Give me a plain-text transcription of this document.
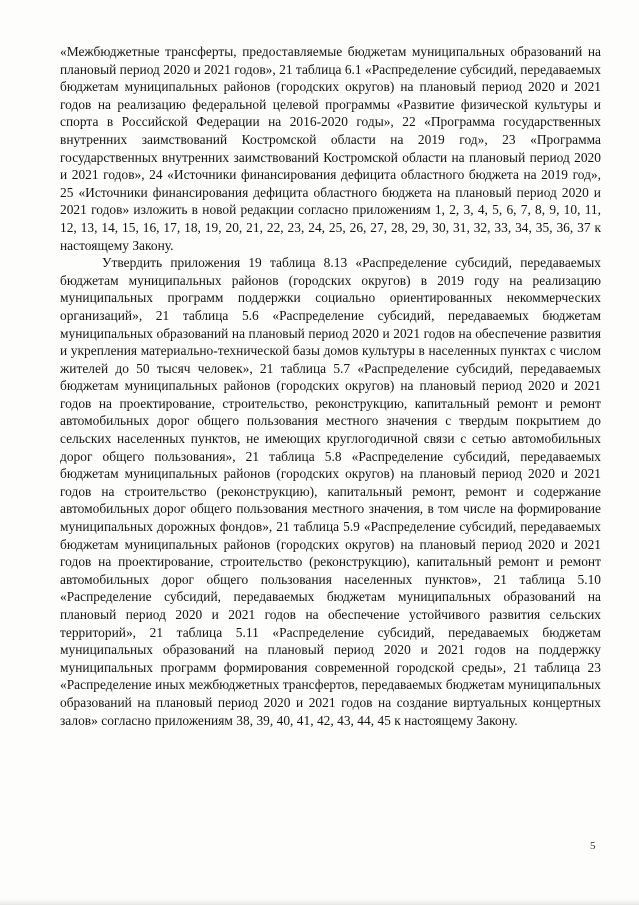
«Межбюджетные трансферты, предоставляемые бюджетам муниципальных образований на плановый период 2020 и 2021 годов», 21 таблица 6.1 «Распределение субсидий, передаваемых бюджетам муниципальных районов (городских округов) на плановый период 2020 и 2021 годов на реализацию федеральной целевой программы «Развитие физической культуры и спорта в Российской Федерации на 2016-2020 годы», 22 «Программа государственных внутренних заимствований Костромской области на 2019 год», 23 «Программа государственных внутренних заимствований Костромской области на плановый период 2020 и 2021 годов», 24 «Источники финансирования дефицита областного бюджета на 2019 год», 25 «Источники финансирования дефицита областного бюджета на плановый период 2020 и 2021 годов» изложить в новой редакции согласно приложениям 1, 2, 3, 4, 5, 6, 7, 8, 9, 10, 11, 12, 13, 14, 15, 16, 17, 18, 19, 20, 21, 22, 23, 24, 25, 26, 27, 28, 29, 30, 31, 32, 33, 34, 35, 36, 37 к настоящему Закону.

Утвердить приложения 19 таблица 8.13 «Распределение субсидий, передаваемых бюджетам муниципальных районов (городских округов) в 2019 году на реализацию муниципальных программ поддержки социально ориентированных некоммерческих организаций», 21 таблица 5.6 «Распределение субсидий, передаваемых бюджетам муниципальных образований на плановый период 2020 и 2021 годов на обеспечение развития и укрепления материально-технической базы домов культуры в населенных пунктах с числом жителей до 50 тысяч человек», 21 таблица 5.7 «Распределение субсидий, передаваемых бюджетам муниципальных районов (городских округов) на плановый период 2020 и 2021 годов на проектирование, строительство, реконструкцию, капитальный ремонт и ремонт автомобильных дорог общего пользования местного значения с твердым покрытием до сельских населенных пунктов, не имеющих круглогодичной связи с сетью автомобильных дорог общего пользования», 21 таблица 5.8 «Распределение субсидий, передаваемых бюджетам муниципальных районов (городских округов) на плановый период 2020 и 2021 годов на строительство (реконструкцию), капитальный ремонт, ремонт и содержание автомобильных дорог общего пользования местного значения, в том числе на формирование муниципальных дорожных фондов», 21 таблица 5.9 «Распределение субсидий, передаваемых бюджетам муниципальных районов (городских округов) на плановый период 2020 и 2021 годов на проектирование, строительство (реконструкцию), капитальный ремонт и ремонт автомобильных дорог общего пользования населенных пунктов», 21 таблица 5.10 «Распределение субсидий, передаваемых бюджетам муниципальных образований на плановый период 2020 и 2021 годов на обеспечение устойчивого развития сельских территорий», 21 таблица 5.11 «Распределение субсидий, передаваемых бюджетам муниципальных образований на плановый период 2020 и 2021 годов на поддержку муниципальных программ формирования современной городской среды», 21 таблица 23 «Распределение иных межбюджетных трансфертов, передаваемых бюджетам муниципальных образований на плановый период 2020 и 2021 годов на создание виртуальных концертных залов» согласно приложениям 38, 39, 40, 41, 42, 43, 44, 45 к настоящему Закону.

5
